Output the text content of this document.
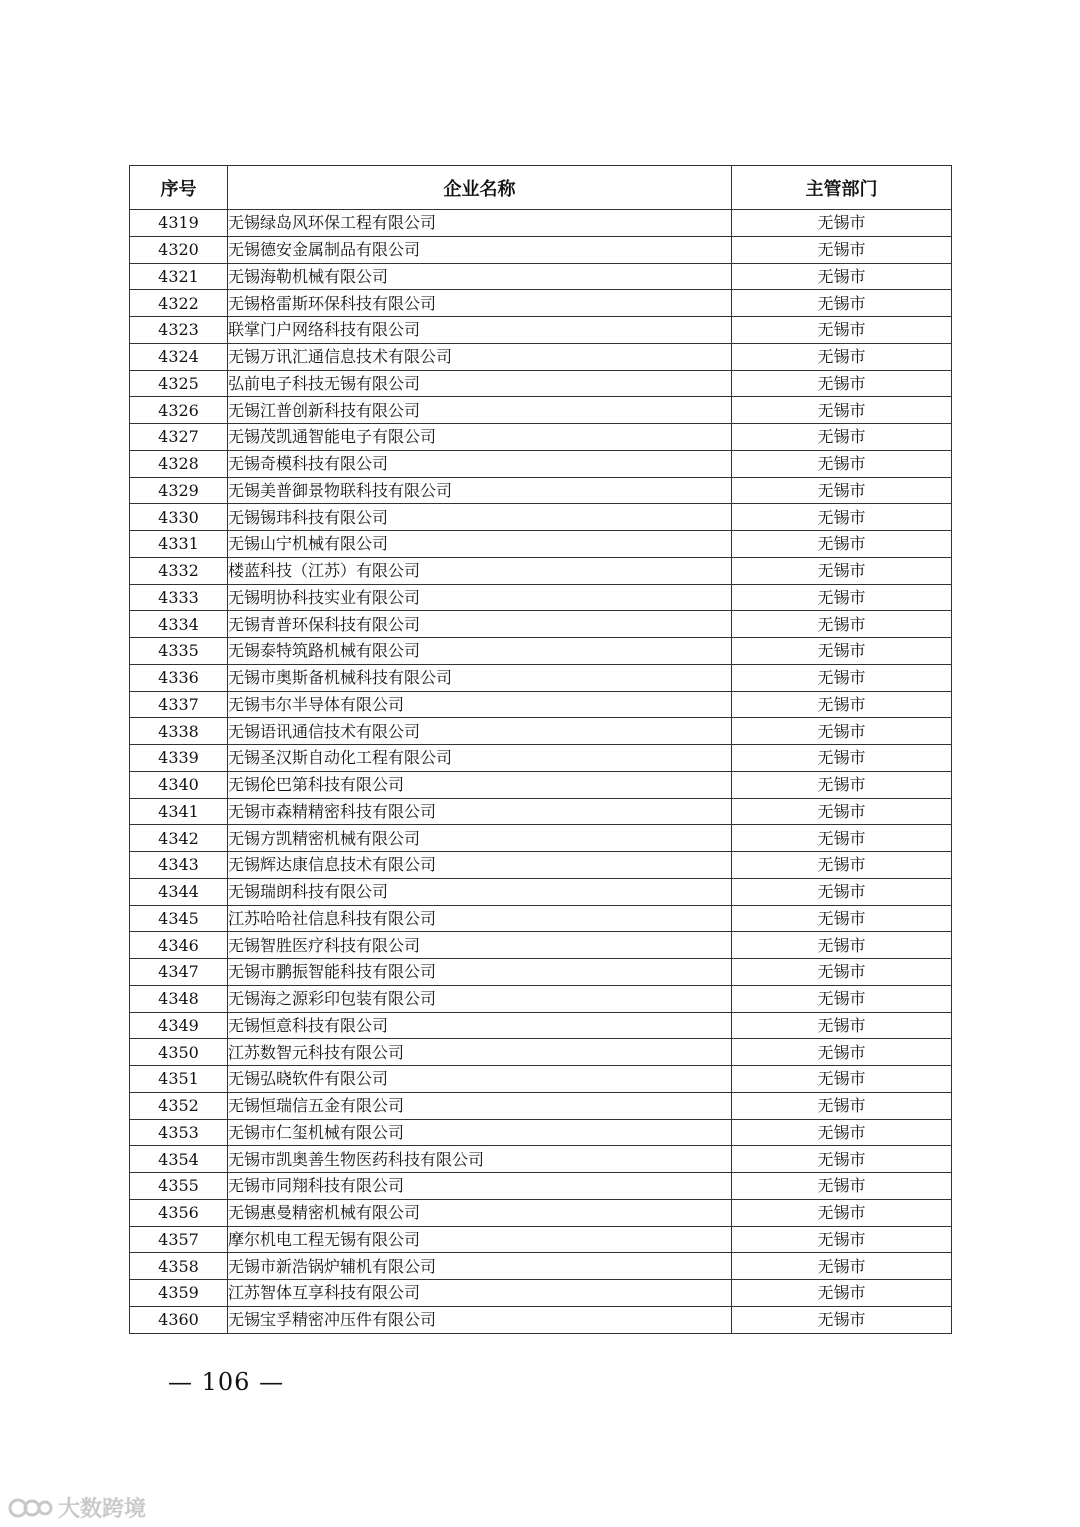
序号	企业名称	主管部门
4319	无锡绿岛风环保工程有限公司	无锡市
4320	无锡德安金属制品有限公司	无锡市
4321	无锡海勒机械有限公司	无锡市
4322	无锡格雷斯环保科技有限公司	无锡市
4323	联掌门户网络科技有限公司	无锡市
4324	无锡万讯汇通信息技术有限公司	无锡市
4325	弘前电子科技无锡有限公司	无锡市
4326	无锡江普创新科技有限公司	无锡市
4327	无锡茂凯通智能电子有限公司	无锡市
4328	无锡奇模科技有限公司	无锡市
4329	无锡美普御景物联科技有限公司	无锡市
4330	无锡锡玮科技有限公司	无锡市
4331	无锡山宁机械有限公司	无锡市
4332	楼蓝科技（江苏）有限公司	无锡市
4333	无锡明协科技实业有限公司	无锡市
4334	无锡青普环保科技有限公司	无锡市
4335	无锡泰特筑路机械有限公司	无锡市
4336	无锡市奥斯备机械科技有限公司	无锡市
4337	无锡韦尔半导体有限公司	无锡市
4338	无锡语讯通信技术有限公司	无锡市
4339	无锡圣汉斯自动化工程有限公司	无锡市
4340	无锡伦巴第科技有限公司	无锡市
4341	无锡市森精精密科技有限公司	无锡市
4342	无锡方凯精密机械有限公司	无锡市
4343	无锡辉达康信息技术有限公司	无锡市
4344	无锡瑞朗科技有限公司	无锡市
4345	江苏哈哈社信息科技有限公司	无锡市
4346	无锡智胜医疗科技有限公司	无锡市
4347	无锡市鹏振智能科技有限公司	无锡市
4348	无锡海之源彩印包装有限公司	无锡市
4349	无锡恒意科技有限公司	无锡市
4350	江苏数智元科技有限公司	无锡市
4351	无锡弘晓软件有限公司	无锡市
4352	无锡恒瑞信五金有限公司	无锡市
4353	无锡市仁玺机械有限公司	无锡市
4354	无锡市凯奥善生物医药科技有限公司	无锡市
4355	无锡市同翔科技有限公司	无锡市
4356	无锡惠曼精密机械有限公司	无锡市
4357	摩尔机电工程无锡有限公司	无锡市
4358	无锡市新浩锅炉辅机有限公司	无锡市
4359	江苏智体互享科技有限公司	无锡市
4360	无锡宝孚精密冲压件有限公司	无锡市
— 106 —
大数跨境
